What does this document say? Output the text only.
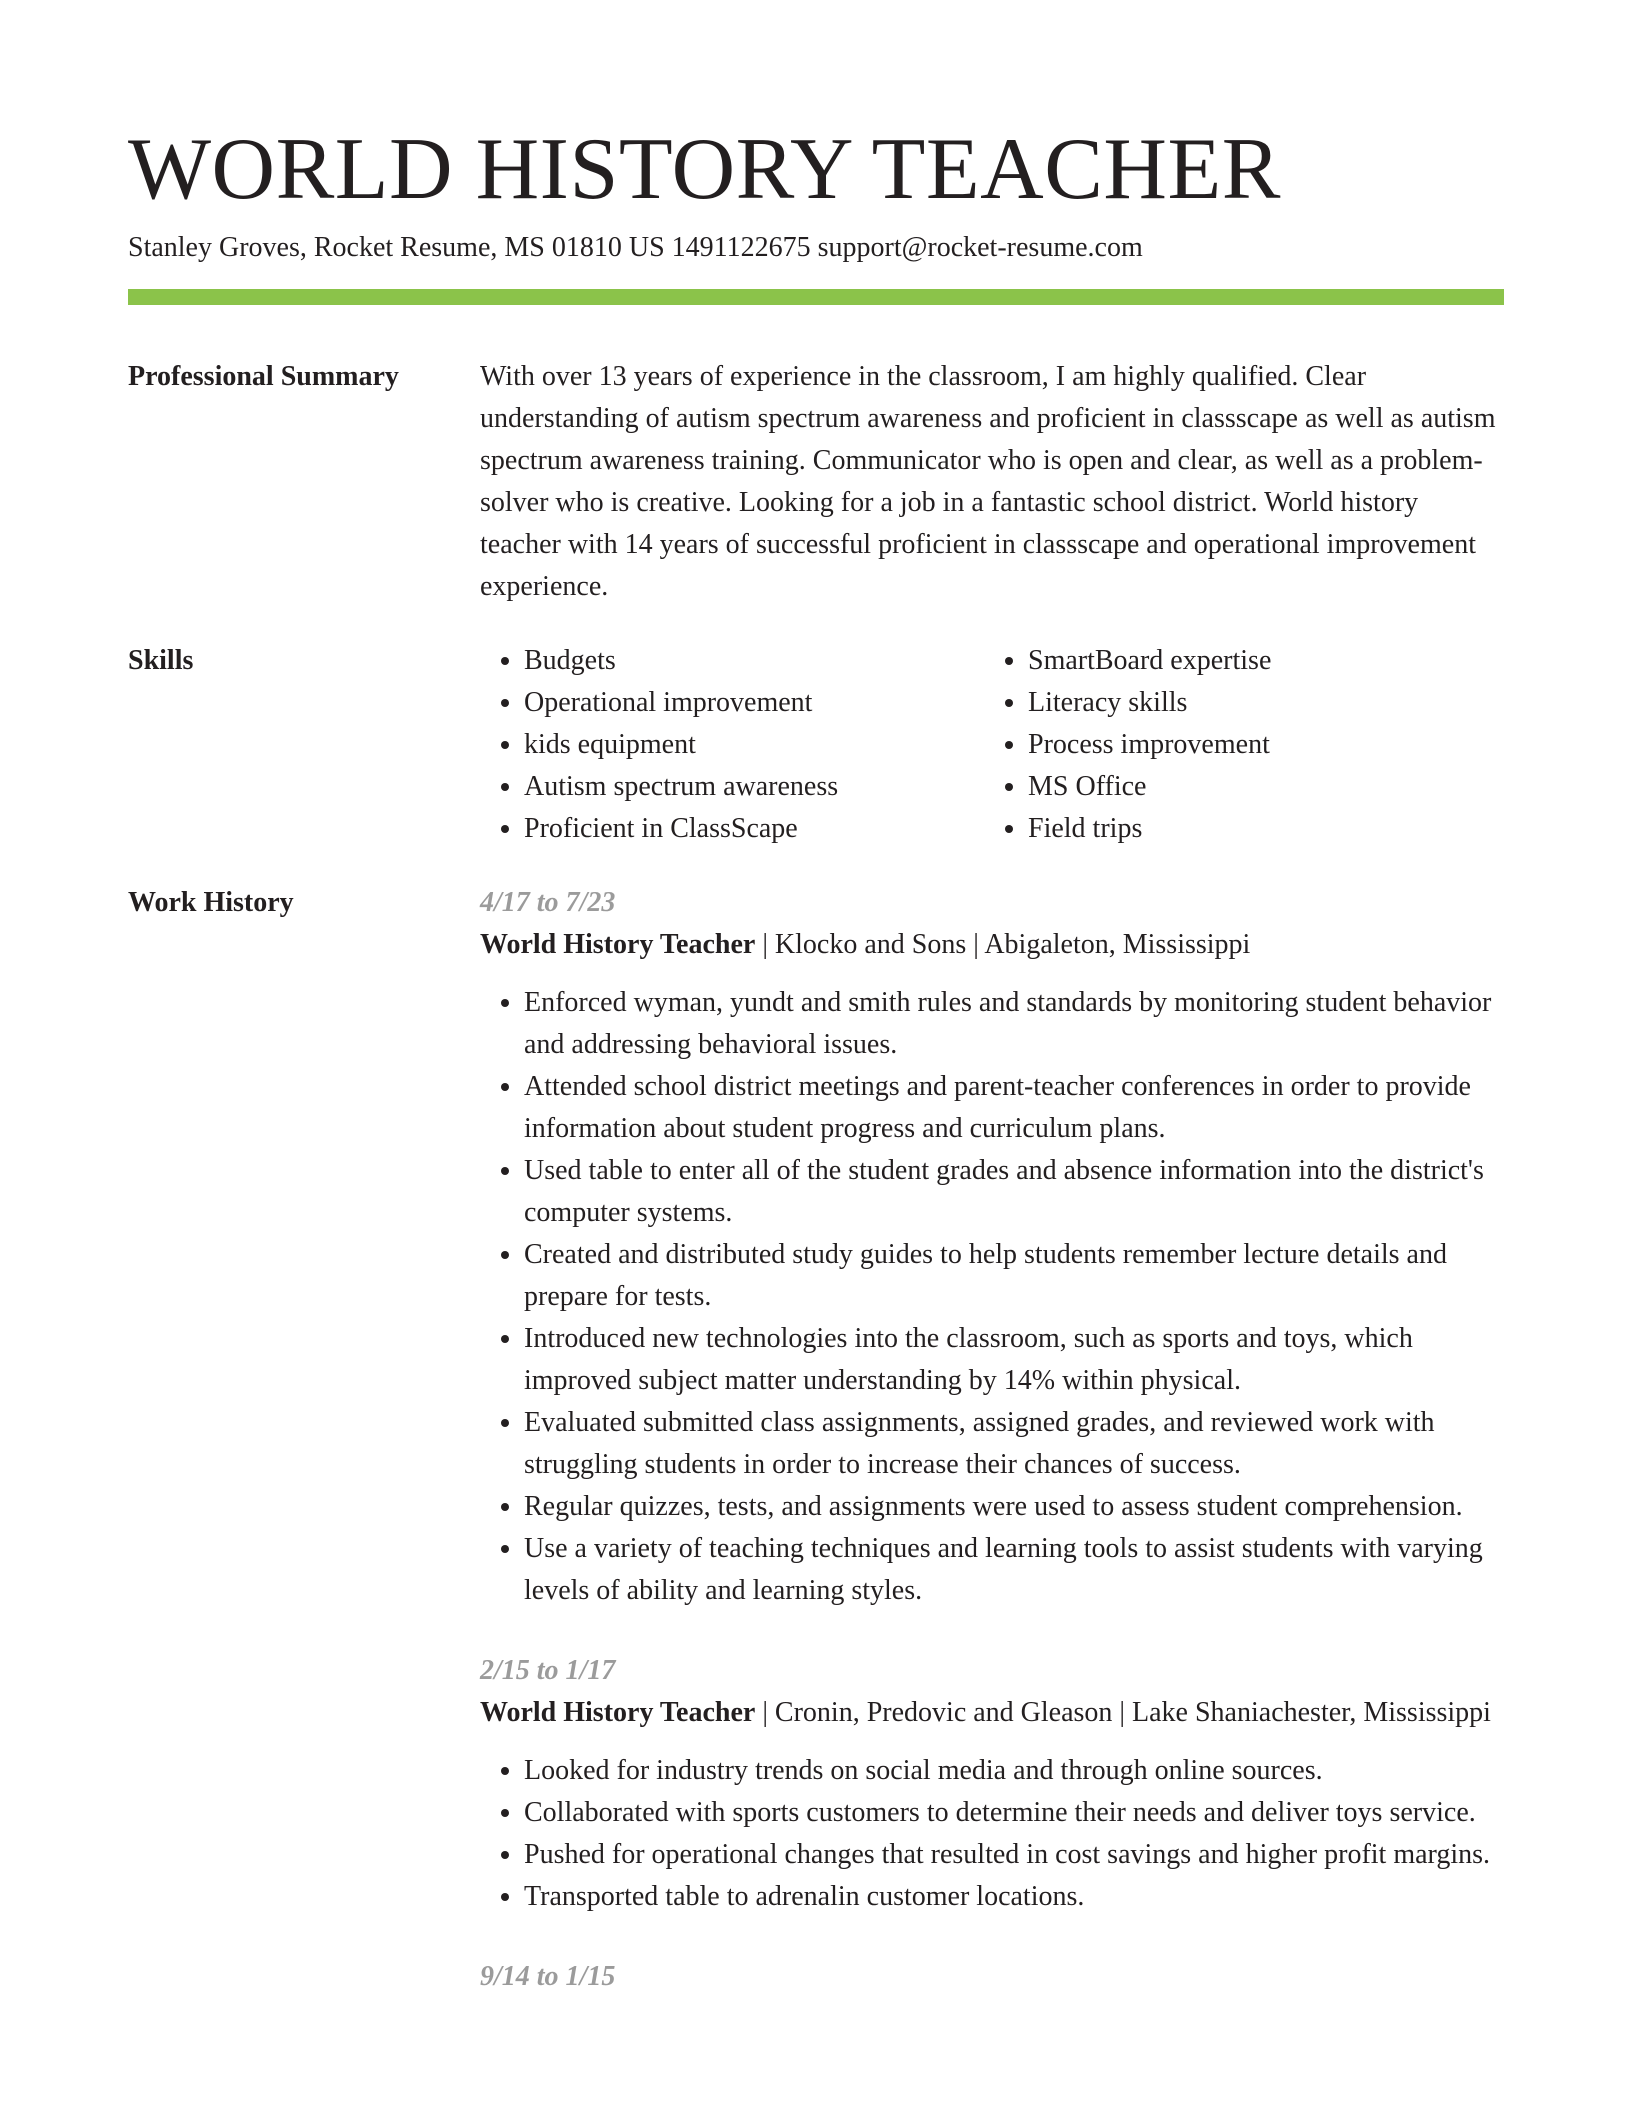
WORLD HISTORY TEACHER
Stanley Groves, Rocket Resume, MS 01810 US 1491122675 support@rocket-resume.com
Professional Summary	With over 13 years of experience in the classroom, I am highly qualified. Clear understanding of autism spectrum awareness and proficient in classscape as well as autism spectrum awareness training. Communicator who is open and clear, as well as a problem-solver who is creative. Looking for a job in a fantastic school district. World history teacher with 14 years of successful proficient in classscape and operational improvement experience.

Skills
•	Budgets
• Operational improvement
• kids equipment
• Autism spectrum awareness
• Proficient in ClassScape
• SmartBoard expertise
• Literacy skills
• Process improvement
• MS Office
• Field trips
Work History	4/17 to 7/23
World History Teacher | Klocko and Sons | Abigaleton, Mississippi
• Enforced wyman, yundt and smith rules and standards by monitoring student behavior and addressing behavioral issues.
• Attended school district meetings and parent-teacher conferences in order to provide information about student progress and curriculum plans.
• Used table to enter all of the student grades and absence information into the district's computer systems.
• Created and distributed study guides to help students remember lecture details and prepare for tests.
• Introduced new technologies into the classroom, such as sports and toys, which improved subject matter understanding by 14% within physical.
• Evaluated submitted class assignments, assigned grades, and reviewed work with struggling students in order to increase their chances of success.
• Regular quizzes, tests, and assignments were used to assess student comprehension.
• Use a variety of teaching techniques and learning tools to assist students with varying levels of ability and learning styles.
2/15 to 1/17
World History Teacher | Cronin, Predovic and Gleason | Lake Shaniachester, Mississippi
• Looked for industry trends on social media and through online sources.
• Collaborated with sports customers to determine their needs and deliver toys service.
• Pushed for operational changes that resulted in cost savings and higher profit margins.
• Transported table to adrenalin customer locations.
9/14 to 1/15
